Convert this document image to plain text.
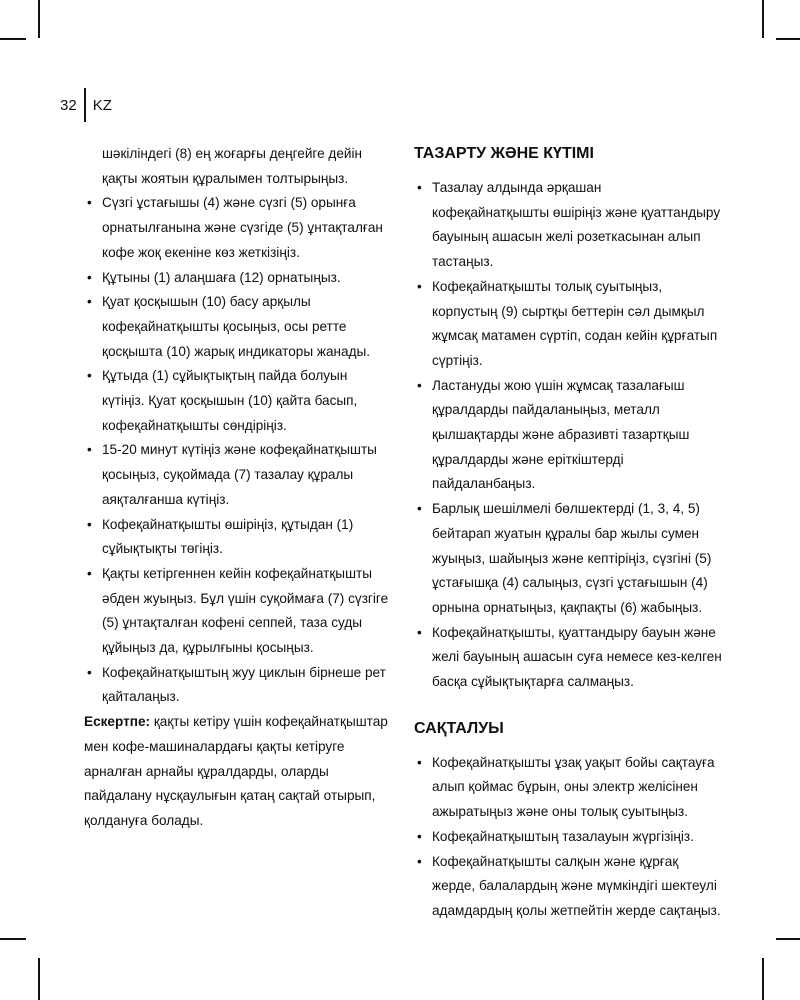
32	KZ
шәкіліндегі (8) ең жоғарғы деңгейге дейін қақты жоятын құралымен толтырыңыз.
• Сүзгі ұстағышы (4) және сүзгі (5) орынға орнатылғанына және сүзгіде (5) ұнтақталған кофе жоқ екеніне көз жеткізіңіз.
• Құтыны (1) алаңшаға (12) орнатыңыз.
• Қуат қосқышын (10) басу арқылы кофеқайнатқышты қосыңыз, осы ретте қосқышта (10) жарық индикаторы жанады.
• Құтыда (1) сұйықтықтың пайда болуын күтіңіз. Қуат қосқышын (10) қайта басып, кофеқайнатқышты сөндіріңіз.
• 15-20 минут күтіңіз және кофеқайнатқышты қосыңыз, суқоймада (7) тазалау құралы аяқталғанша күтіңіз.
• Кофеқайнатқышты өшіріңіз, құтыдан (1) сұйықтықты төгіңіз.
• Қақты кетіргеннен кейін кофеқайнатқышты әбден жуыңыз. Бұл үшін суқоймаға (7) сүзгіге (5) ұнтақталған кофені сеппей, таза суды құйыңыз да, құрылғыны қосыңыз.
• Кофеқайнатқыштың жуу циклын бірнеше рет қайталаңыз.
Ескертпе: қақты кетіру үшін кофеқайнатқыштар мен кофе-машиналардағы қақты кетіруге арналған арнайы құралдарды, оларды пайдалану нұсқаулығын қатаң сақтай отырып, қолдануға болады.
ТАЗАРТУ ЖӘНЕ КҮТІМІ
• Тазалау алдында әрқашан кофеқайнатқышты өшіріңіз және қуаттандыру бауының ашасын желі розеткасынан алып тастаңыз.
• Кофеқайнатқышты толық суытыңыз, корпустың (9) сыртқы беттерін сәл дымқыл жұмсақ матамен сүртіп, содан кейін құрғатып сүртіңіз.
• Ластануды жою үшін жұмсақ тазалағыш құралдарды пайдаланыңыз, металл қылшақтарды және абразивті тазартқыш құралдарды және еріткіштерді пайдаланбаңыз.
• Барлық шешілмелі бөлшектерді (1, 3, 4, 5) бейтарап жуатын құралы бар жылы сумен жуыңыз, шайыңыз және кептіріңіз, сүзгіні (5) ұстағышқа (4) салыңыз, сүзгі ұстағышын (4) орнына орнатыңыз, қақпақты (6) жабыңыз.
• Кофеқайнатқышты, қуаттандыру бауын және желі бауының ашасын суға немесе кез-келген басқа сұйықтықтарға салмаңыз.
САҚТАЛУЫ
• Кофеқайнатқышты ұзақ уақыт бойы сақтауға алып қоймас бұрын, оны электр желісінен ажыратыңыз және оны толық суытыңыз.
• Кофеқайнатқыштың тазалауын жүргізіңіз.
• Кофеқайнатқышты салқын және құрғақ жерде, балалардың және мүмкіндігі шектеулі адамдардың қолы жетпейтін жерде сақтаңыз.
